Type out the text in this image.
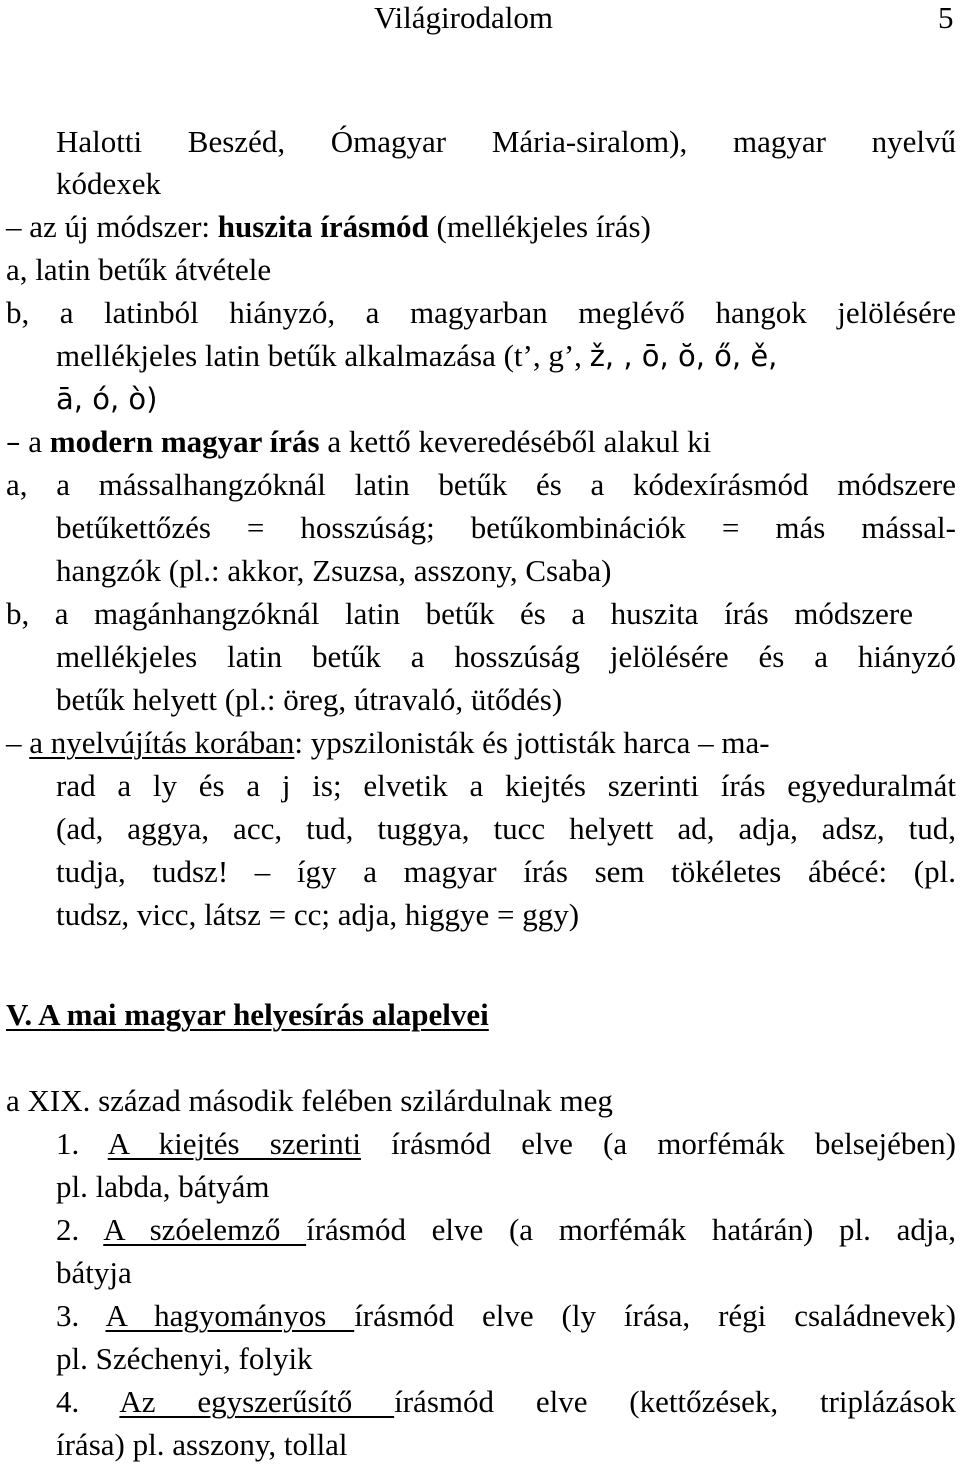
Világirodalom	5
Halotti Beszéd, Ómagyar Mária-siralom), magyar nyelvű
kódexek
– az új módszer: huszita írásmód (mellékjeles írás)
a, latin betűk átvétele
b, a latinból hiányzó, a magyarban meglévő hangok jelölésére
mellékjeles latin betűk alkalmazása (t’, g’, ž, , ō, ŏ, ő, ě,
ā, ó, ò)
– a modern magyar írás a kettő keveredéséből alakul ki
a, a mássalhangzóknál latin betűk és a kódexírásmód módszere
betűkettőzés = hosszúság; betűkombinációk = más mással-
hangzók (pl.: akkor, Zsuzsa, asszony, Csaba)
b, a magánhangzóknál latin betűk és a huszita írás módszere
mellékjeles latin betűk a hosszúság jelölésére és a hiányzó
betűk helyett (pl.: öreg, útravaló, ütődés)
– a nyelvújítás korában: ypszilonisták és jottisták harca – ma-
rad a ly és a j is; elvetik a kiejtés szerinti írás egyeduralmát
(ad, aggya, acc, tud, tuggya, tucc helyett ad, adja, adsz, tud,
tudja, tudsz! – így a magyar írás sem tökéletes ábécé: (pl.
tudsz, vicc, látsz = cc; adja, higgye = ggy)
V. A mai magyar helyesírás alapelvei
a XIX. század második felében szilárdulnak meg
1. A kiejtés szerinti írásmód elve (a morfémák belsejében)
pl. labda, bátyám
2. A szóelemző írásmód elve (a morfémák határán) pl. adja,
bátyja
3. A hagyományos írásmód elve (ly írása, régi családnevek)
pl. Széchenyi, folyik
4. Az egyszerűsítő írásmód elve (kettőzések, triplázások
írása) pl. asszony, tollal
